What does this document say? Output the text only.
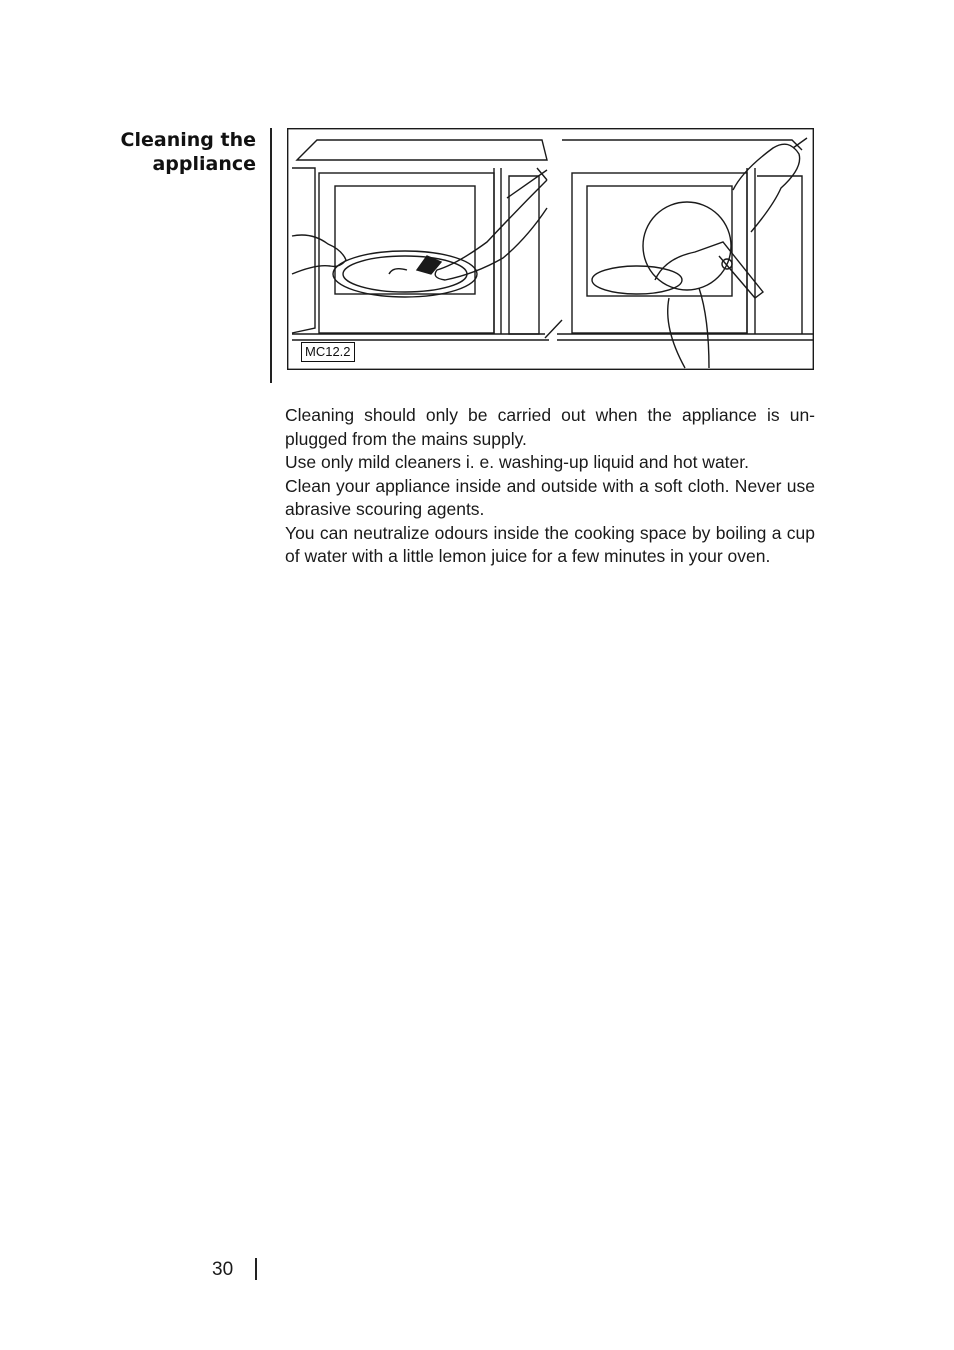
Cleaning the
appliance
MC12.2

Cleaning should only be carried out when the appliance is un-plugged from the mains supply.

Use only mild cleaners i. e. washing-up liquid and hot water.

Clean your appliance inside and outside with a soft cloth. Never use abrasive scouring agents.

You can neutralize odours inside the cooking space by boiling a cup of water with a little lemon juice for a few minutes in your oven.

30
